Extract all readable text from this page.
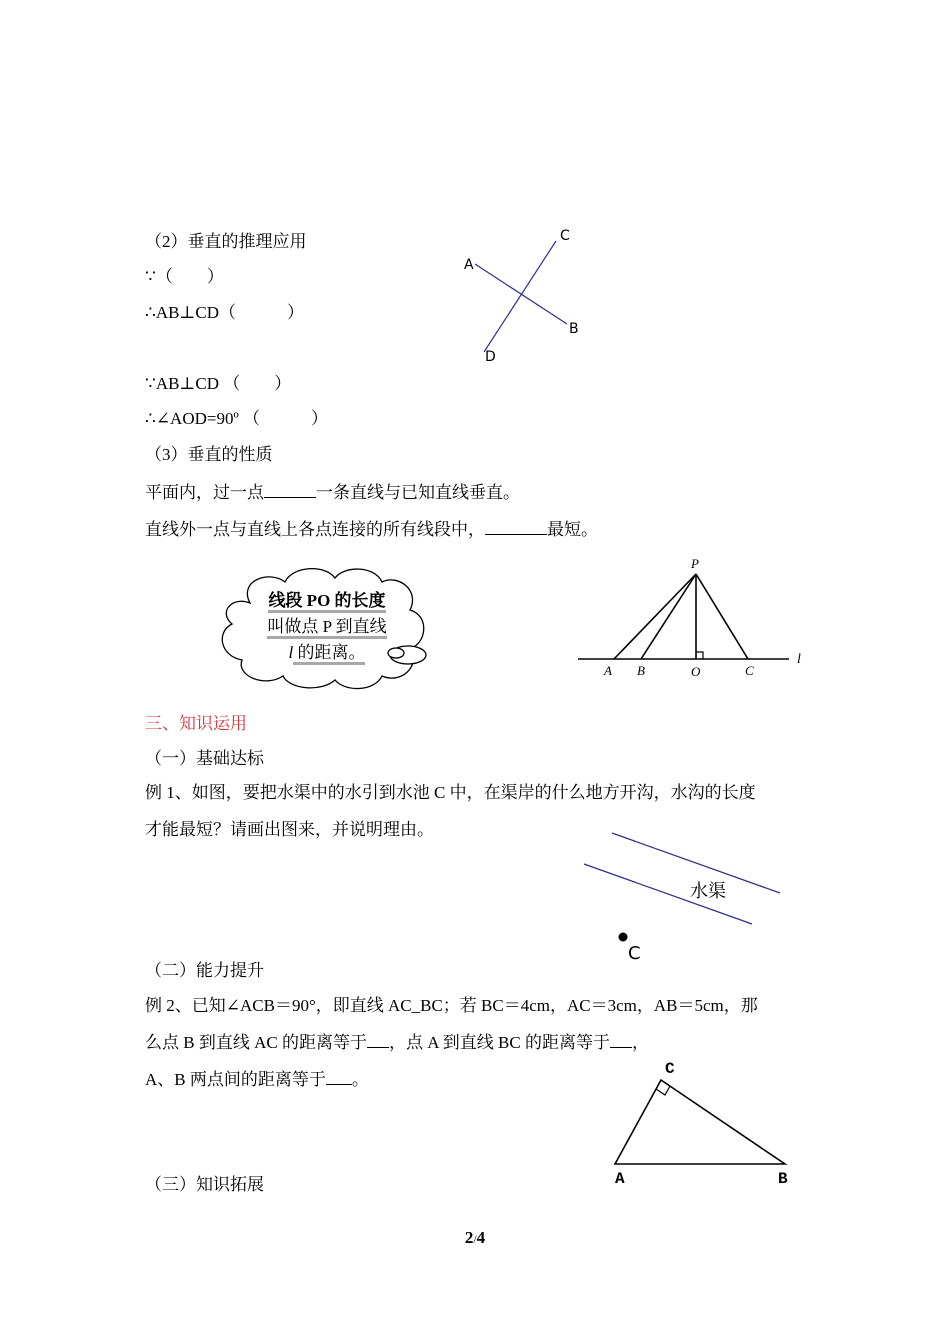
（2）垂直的推理应用
∵（　　）
∴AB⊥CD（　　　）
∵AB⊥CD （　　）
∴∠AOD=90º （　　　）
（3）垂直的性质
平面内，过一点	一条直线与已知直线垂直。
直线外一点与直线上各点连接的所有线段中，	最短。
A
C
B
D
线段 PO 的长度
叫做点 P 到直线
l 的距离。
P
A B	O	C
l
三、知识运用
（一）基础达标
例 1、如图，要把水渠中的水引到水池 C 中，在渠岸的什么地方开沟，水沟的长度
才能最短？请画出图来，并说明理由。
水渠
C
（二）能力提升
例 2、已知∠ACB＝90°，即直线 AC_BC；若 BC＝4cm，AC＝3cm，AB＝5cm，那
么点 B 到直线 AC 的距离等于 ，点 A 到直线 BC 的距离等于 ，
A、B 两点间的距离等于 。
C
A	B
（三）知识拓展
2/4
